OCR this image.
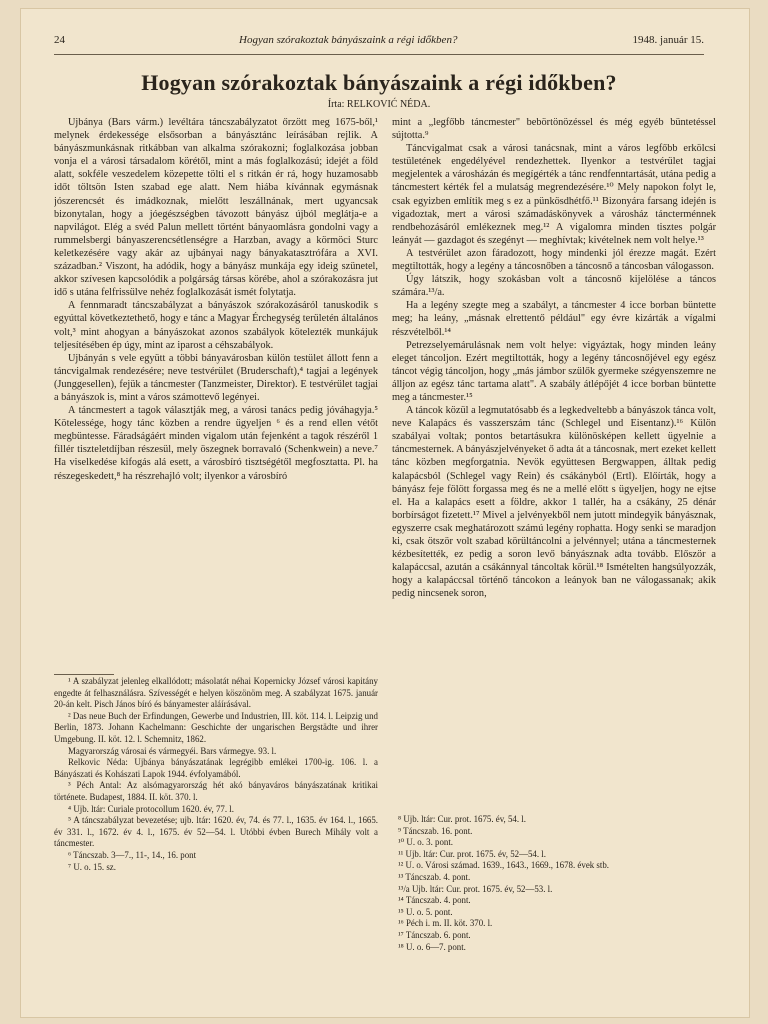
24	Hogyan szórakoztak bányászaink a régi időkben?	1948. január 15.
Hogyan szórakoztak bányászaink a régi időkben?
Írta: RELKOVIĆ NÉDA.

Ujbánya (Bars várm.) levéltára táncszabályzatot őrzött meg 1675-ből,¹ melynek érdekessége elsősorban a bányásztánc leírásában rejlik. A bányászmunkásnak ritkábban van alkalma szórakozni; foglalkozása jobban vonja el a városi társadalom körétől, mint a más foglalkozású; idejét a föld alatt, sokféle veszedelem közepette tölti el s ritkán ér rá, hogy huzamosabb időt töltsön Isten szabad ege alatt. Nem hiába kívánnak egymásnak jószerencsét és imádkoznak, mielőtt leszállnának, mert ugyancsak bizonytalan, hogy a jóegészségben távozott bányász újból meglátja-e a napvilágot. Elég a svéd Palun mellett történt bányaomlásra gondolni vagy a rummelsbergi bányaszerencsétlenségre a Harzban, avagy a körmöci Sturc keletkezésére vagy akár az ujbányai nagy bányakatasztrófára a XVI. században.² Viszont, ha adódik, hogy a bányász munkája egy ideig szünetel, akkor szívesen kapcsolódik a polgárság társas körébe, ahol a szórakozásra jut idő s utána felfrissülve nehéz foglalkozását ismét folytatja.

A fennmaradt táncszabályzat a bányászok szórakozásáról tanuskodik s egyúttal következtethető, hogy e tánc a Magyar Érchegység területén általános volt,³ mint ahogyan a bányászokat azonos szabályok kötelezték munkájuk teljesítésében ép úgy, mint az iparost a céhszabályok.

Ujbányán s vele együtt a többi bányavárosban külön testület állott fenn a táncvigalmak rendezésére; neve testvérület (Bruderschaft),⁴ tagjai a legények (Junggesellen), fejük a táncmester (Tanzmeister, Direktor). E testvérület tagjai a bányászok is, mint a város számottevő legényei.

A táncmestert a tagok választják meg, a városi tanács pedig jóváhagyja.⁵ Kötelessége, hogy tánc közben a rendre ügyeljen ⁶ és a rend ellen vétőt megbüntesse. Fáradságáért minden vigalom után fejenként a tagok részéről 1 fillér tiszteletdíjban részesül, mely öszegnek borravaló (Schenkwein) a neve.⁷ Ha viselkedése kifogás alá esett, a városbíró tisztségétől megfosztatta. Pl. ha részegeskedett,⁸ ha részrehajló volt; ilyenkor a városbíró

mint a „legfőbb táncmester" bebörtönözéssel és még egyéb büntetéssel sújtotta.⁹

Táncvigalmat csak a városi tanácsnak, mint a város legfőbb erkölcsi testületének engedélyével rendezhettek. Ilyenkor a testvérület tagjai megjelentek a városházán és megígérték a tánc rendfenntartását, utána pedig a táncmestert kérték fel a mulatság megrendezésére.¹⁰ Mely napokon folyt le, csak egyizben említik meg s ez a pünkösdhétfő.¹¹ Bizonyára farsang idején is vigadoztak, mert a városi számadáskönyvek a városház táncterménnek rendbehozásáról emlékeznek meg.¹² A vigalomra minden tisztes polgár leányát — gazdagot és szegényt — meghívtak; kivételnek nem volt helye.¹³

A testvérület azon fáradozott, hogy mindenki jól érezze magát. Ezért megtiltották, hogy a legény a táncosnőben a táncosnő a táncosban válogasson.

Úgy látszik, hogy szokásban volt a táncosnő kijelölése a táncos számára.¹³/a.

Ha a legény szegte meg a szabályt, a táncmester 4 icce borban büntette meg; ha leány, „másnak elrettentő például" egy évre kizárták a vígalmi részvételből.¹⁴

Petrezselyemárulásnak nem volt helye: vigyáztak, hogy minden leány eleget táncoljon. Ezért megtiltották, hogy a legény táncosnőjével egy egész táncot végig táncoljon, hogy „más jámbor szülők gyermeke szégyenszemre ne álljon az egész tánc tartama alatt". A szabály átlépőjét 4 icce borban büntette meg a táncmester.¹⁵

A táncok közül a legmutatósabb és a legkedveltebb a bányászok tánca volt, neve Kalapács és vasszerszám tánc (Schlegel und Eisentanz).¹⁶ Külön szabályai voltak; pontos betartásukra különösképen kellett ügyelnie a táncmesternek. A bányászjelvényeket ő adta át a táncosnak, mert ezeket kellett tánc közben megforgatnia. Nevök együttesen Bergwappen, álltak pedig kalapácsból (Schlegel vagy Rein) és csákányból (Ertl). Előírták, hogy a bányász feje fölött forgassa meg és ne a mellé előtt s ügyeljen, hogy ne ejtse el. Ha a kalapács esett a földre, akkor 1 tallér, ha a csákány, 25 dénár borbírságot fizetett.¹⁷ Mivel a jelvényekből nem jutott mindegyik bányásznak, egyszerre csak meghatározott számú legény rophatta. Hogy senki se maradjon ki, csak ötször volt szabad körültáncolni a jelvénnyel; utána a táncmesternek kézbesítették, ez pedig a soron levő bányásznak adta tovább. Először a kalapáccsal, azután a csákánnyal táncoltak körül.¹⁸ Ismételten hangsúlyozzák, hogy a kalapáccsal történő táncokon a leányok ban ne válogassanak; akik pedig nincsenek soron,

¹ A szabályzat jelenleg elkallódott; másolatát néhai Kopernicky József városi kapitány engedte át felhasználásra. Szívességét e helyen köszönöm meg. A szabályzat 1675. január 20-án kelt. Pisch János bíró és bányamester aláírásával.
² Das neue Buch der Erfindungen, Gewerbe und Industrien, III. köt. 114. l. Leipzig und Berlin, 1873. Johann Kachelmann: Geschichte der ungarischen Bergstädte und ihrer Umgebung. II. köt. 12. l. Schemnitz, 1862.
Magyarország városai és vármegyéi. Bars vármegye. 93. l.
Relkovic Néda: Ujbánya bányászatának legrégibb emlékei 1700-ig. 106. l. a Bányászati és Kohászati Lapok 1944. évfolyamából.
³ Péch Antal: Az alsómagyarország hét akó bányaváros bányászatának kritikai története. Budapest, 1884. II. köt. 370. l.
⁴ Ujb. ltár: Curiale protocollum 1620. év, 77. l.
⁵ A táncszabályzat bevezetése; ujb. ltár: 1620. év, 74. és 77. l., 1635. év 164. l., 1665. év 331. l., 1672. év 4. l., 1675. év 52—54. l. Utóbbi évben Burech Mihály volt a táncmester.
⁶ Táncszab. 3—7., 11-, 14., 16. pont
⁷ U. o. 15. sz.
⁸ Ujb. ltár: Cur. prot. 1675. év, 54. l.
⁹ Táncszab. 16. pont.
¹⁰ U. o. 3. pont.
¹¹ Ujb. ltár: Cur. prot. 1675. év, 52—54. l.
¹² U. o. Városi számad. 1639., 1643., 1669., 1678. évek stb.
¹³ Táncszab. 4. pont.
¹³/a Ujb. ltár: Cur. prot. 1675. év, 52—53. l.
¹⁴ Táncszab. 4. pont.
¹⁵ U. o. 5. pont.
¹⁶ Péch i. m. II. köt. 370. l.
¹⁷ Táncszab. 6. pont.
¹⁸ U. o. 6—7. pont.
